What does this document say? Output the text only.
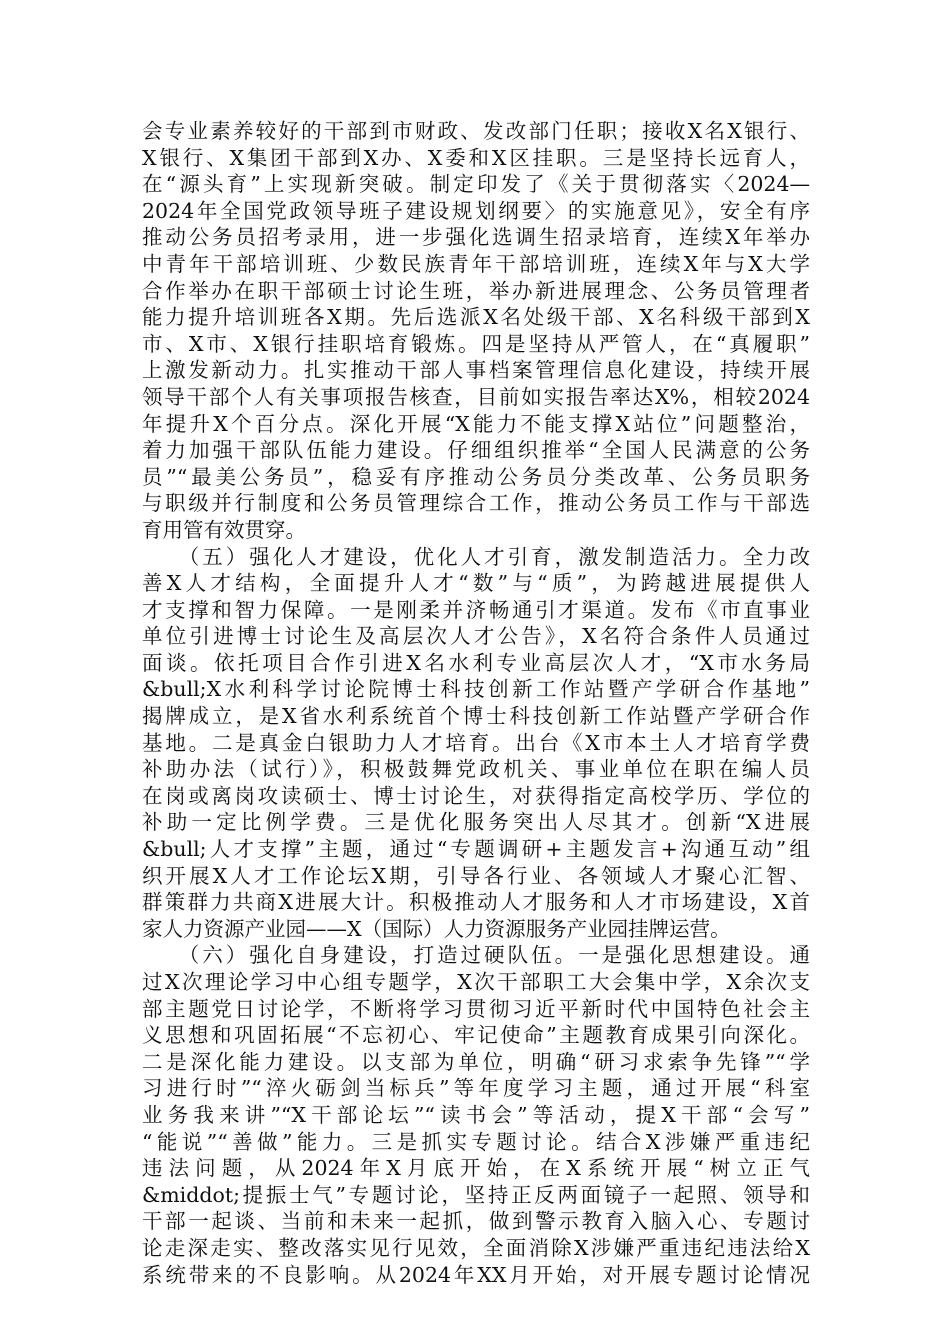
会专业素养较好的干部到市财政、发改部门任职；接收X名X银行、
X银行、X集团干部到X办、X委和X区挂职。三是坚持长远育人，
在“源头育”上实现新突破。制定印发了《关于贯彻落实〈2024—
2024年全国党政领导班子建设规划纲要〉的实施意见》，安全有序
推动公务员招考录用，进一步强化选调生招录培育，连续X年举办
中青年干部培训班、少数民族青年干部培训班，连续X年与X大学
合作举办在职干部硕士讨论生班，举办新进展理念、公务员管理者
能力提升培训班各X期。先后选派X名处级干部、X名科级干部到X
市、X市、X银行挂职培育锻炼。四是坚持从严管人，在“真履职”
上激发新动力。扎实推动干部人事档案管理信息化建设，持续开展
领导干部个人有关事项报告核查，目前如实报告率达X%，相较2024
年提升X个百分点。深化开展“X能力不能支撑X站位”问题整治，
着力加强干部队伍能力建设。仔细组织推举“全国人民满意的公务
员”“最美公务员”，稳妥有序推动公务员分类改革、公务员职务
与职级并行制度和公务员管理综合工作，推动公务员工作与干部选
育用管有效贯穿。
　　（五）强化人才建设，优化人才引育，激发制造活力。全力改
善X人才结构，全面提升人才“数”与“质”，为跨越进展提供人
才支撑和智力保障。一是刚柔并济畅通引才渠道。发布《市直事业
单位引进博士讨论生及高层次人才公告》，X名符合条件人员通过
面谈。依托项目合作引进X名水利专业高层次人才，“X市水务局
&bull;X水利科学讨论院博士科技创新工作站暨产学研合作基地”
揭牌成立，是X省水利系统首个博士科技创新工作站暨产学研合作
基地。二是真金白银助力人才培育。出台《X市本土人才培育学费
补助办法（试行）》，积极鼓舞党政机关、事业单位在职在编人员
在岗或离岗攻读硕士、博士讨论生，对获得指定高校学历、学位的
补助一定比例学费。三是优化服务突出人尽其才。创新“X进展
&bull;人才支撑”主题，通过“专题调研+主题发言+沟通互动”组
织开展X人才工作论坛X期，引导各行业、各领域人才聚心汇智、
群策群力共商X进展大计。积极推动人才服务和人才市场建设，X首
家人力资源产业园——X（国际）人力资源服务产业园挂牌运营。
　　（六）强化自身建设，打造过硬队伍。一是强化思想建设。通
过X次理论学习中心组专题学，X次干部职工大会集中学，X余次支
部主题党日讨论学，不断将学习贯彻习近平新时代中国特色社会主
义思想和巩固拓展“不忘初心、牢记使命”主题教育成果引向深化。
二是深化能力建设。以支部为单位，明确“研习求索争先锋”“学
习进行时”“淬火砺剑当标兵”等年度学习主题，通过开展“科室
业务我来讲”“X干部论坛”“读书会”等活动，提X干部“会写”
“能说”“善做”能力。三是抓实专题讨论。结合X涉嫌严重违纪
违法问题，从2024年X月底开始，在X系统开展“树立正气
&middot;提振士气”专题讨论，坚持正反两面镜子一起照、领导和
干部一起谈、当前和未来一起抓，做到警示教育入脑入心、专题讨
论走深走实、整改落实见行见效，全面消除X涉嫌严重违纪违法给X
系统带来的不良影响。从2024年XX月开始，对开展专题讨论情况
